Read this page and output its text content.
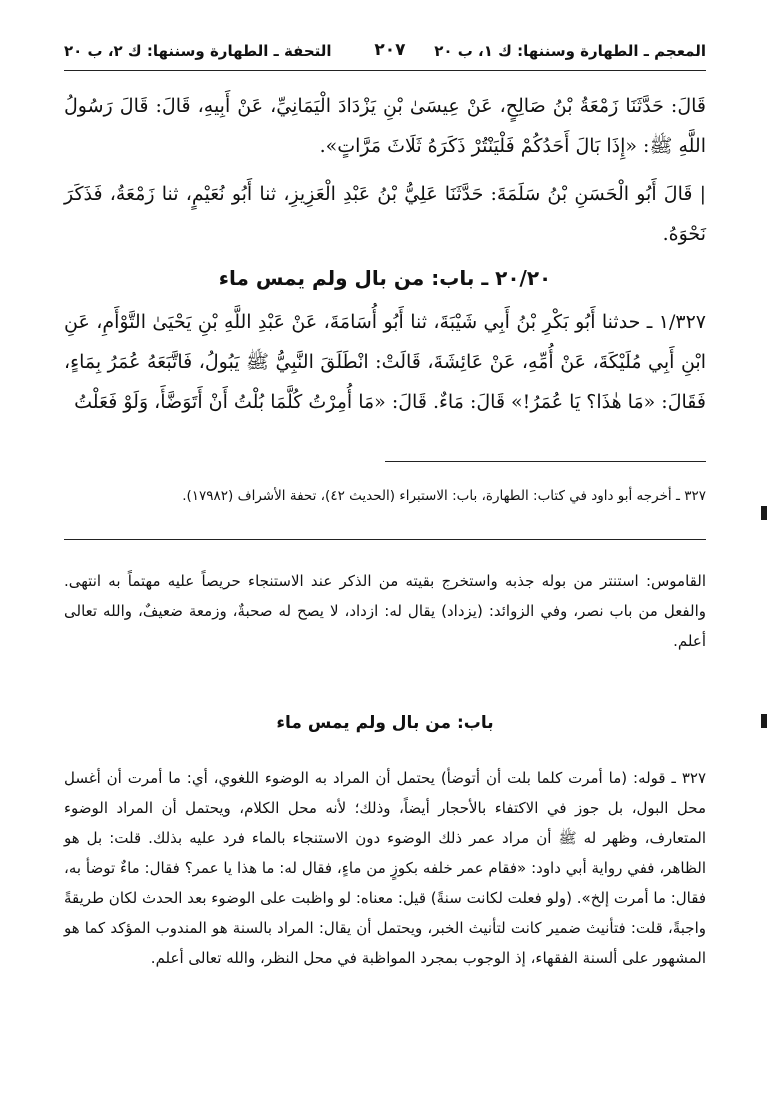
المعجم ـ الطهارة وسننها: ك ١، ب ٢٠
٢٠٧
التحفة ـ الطهارة وسننها: ك ٢، ب ٢٠

قَالَ: حَدَّثَنَا زَمْعَةُ بْنُ صَالِحٍ، عَنْ عِيسَىٰ بْنِ يَزْدَادَ الْيَمَانِيِّ، عَنْ أَبِيهِ، قَالَ: قَالَ رَسُولُ اللَّهِ ﷺ: «إِذَا بَالَ أَحَدُكُمْ فَلْيَنْتُرْ ذَكَرَهُ ثَلَاثَ مَرَّاتٍ».

| قَالَ أَبُو الْحَسَنِ بْنُ سَلَمَةَ: حَدَّثَنَا عَلِيُّ بْنُ عَبْدِ الْعَزِيزِ، ثنا أَبُو نُعَيْمٍ، ثنا زَمْعَةُ، فَذَكَرَ نَحْوَهُ.

٢٠/٢٠ ـ باب: من بال ولم يمس ماء

١/٣٢٧ ـ حدثنا أَبُو بَكْرِ بْنُ أَبِي شَيْبَةَ، ثنا أَبُو أُسَامَةَ، عَنْ عَبْدِ اللَّهِ بْنِ يَحْيَىٰ التَّوْأَمِ، عَنِ ابْنِ أَبِي مُلَيْكَةَ، عَنْ أُمِّهِ، عَنْ عَائِشَةَ، قَالَتْ: انْطَلَقَ النَّبِيُّ ﷺ يَبُولُ، فَاتَّبَعَهُ عُمَرُ بِمَاءٍ، فَقَالَ: «مَا هٰذَا؟ يَا عُمَرُ!» قَالَ: مَاءٌ. قَالَ: «مَا أُمِرْتُ كُلَّمَا بُلْتُ أَنْ أَتَوَضَّأَ، وَلَوْ فَعَلْتُ

٣٢٧ ـ أخرجه أبو داود في كتاب: الطهارة، باب: الاستبراء (الحديث ٤٢)، تحفة الأشراف (١٧٩٨٢).

القاموس: استنتر من بوله جذبه واستخرج بقيته من الذكر عند الاستنجاء حريصاً عليه مهتماً به انتهى. والفعل من باب نصر، وفي الزوائد: (يزداد) يقال له: ازداد، لا يصح له صحبةٌ، وزمعة ضعيفٌ، والله تعالى أعلم.

باب: من بال ولم يمس ماء

٣٢٧ ـ قوله: (ما أمرت كلما بلت أن أتوضأ) يحتمل أن المراد به الوضوء اللغوي، أي: ما أمرت أن أغسل محل البول، بل جوز في الاكتفاء بالأحجار أيضاً، وذلك؛ لأنه محل الكلام، ويحتمل أن المراد الوضوء المتعارف، وظهر له ﷺ أن مراد عمر ذلك الوضوء دون الاستنجاء بالماء فرد عليه بذلك. قلت: بل هو الظاهر، ففي رواية أبي داود: «فقام عمر خلفه بكوزٍ من ماءٍ، فقال له: ما هذا يا عمر؟ فقال: ماءٌ توضأ به، فقال: ما أمرت إلخ». (ولو فعلت لكانت سنةً) قيل: معناه: لو واظبت على الوضوء بعد الحدث لكان طريقةً واجبةً، قلت: فتأنيث ضمير كانت لتأنيث الخبر، ويحتمل أن يقال: المراد بالسنة هو المندوب المؤكد كما هو المشهور على ألسنة الفقهاء، إذ الوجوب بمجرد المواظبة في محل النظر، والله تعالى أعلم.
